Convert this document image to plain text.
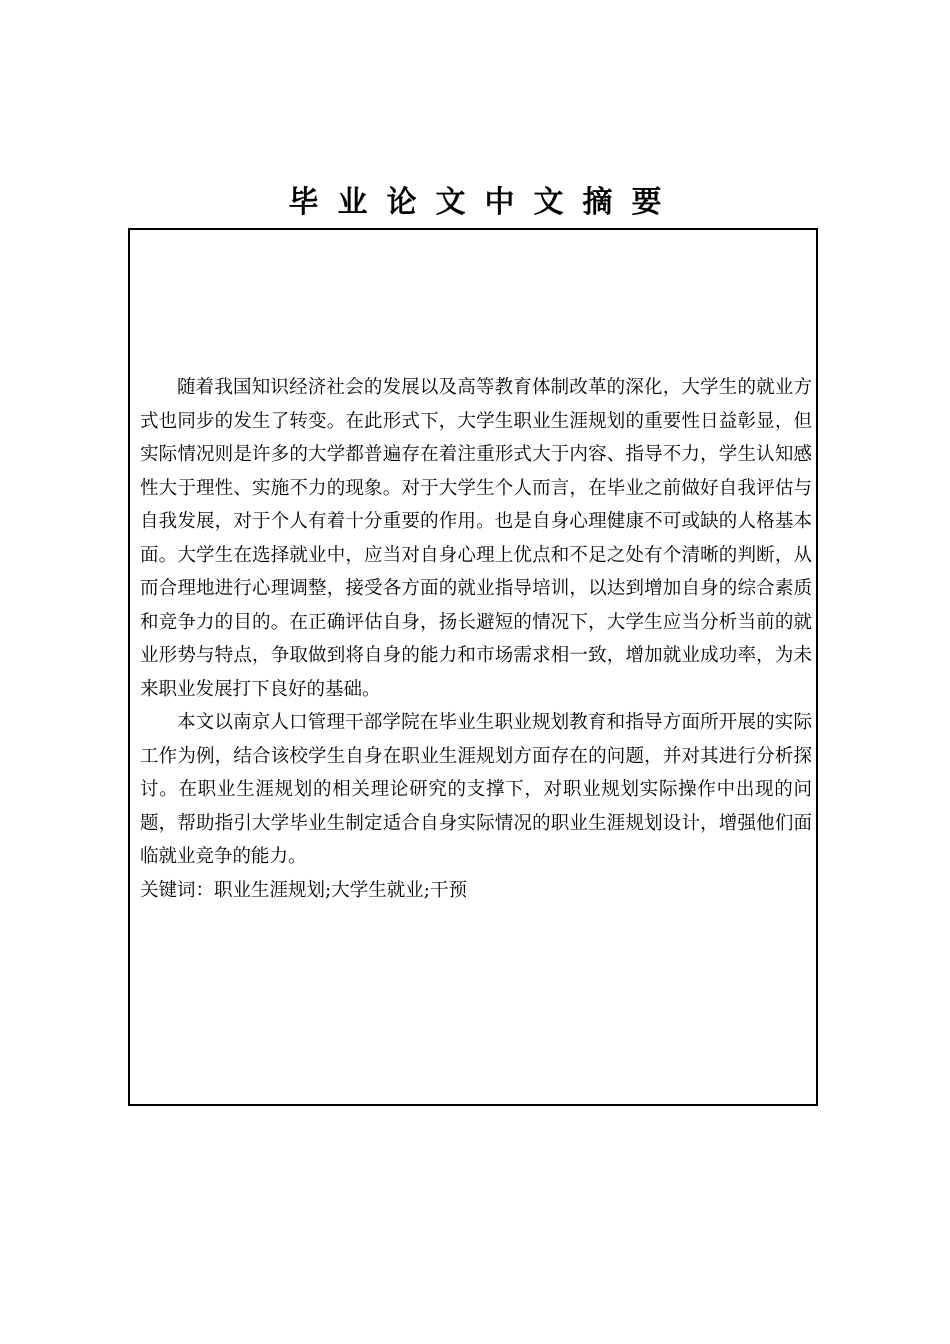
毕业论文中文摘要

随着我国知识经济社会的发展以及高等教育体制改革的深化，大学生的就业方式也同步的发生了转变。在此形式下，大学生职业生涯规划的重要性日益彰显，但实际情况则是许多的大学都普遍存在着注重形式大于内容、指导不力，学生认知感性大于理性、实施不力的现象。对于大学生个人而言，在毕业之前做好自我评估与自我发展，对于个人有着十分重要的作用。也是自身心理健康不可或缺的人格基本面。大学生在选择就业中，应当对自身心理上优点和不足之处有个清晰的判断，从而合理地进行心理调整，接受各方面的就业指导培训，以达到增加自身的综合素质和竞争力的目的。在正确评估自身，扬长避短的情况下，大学生应当分析当前的就业形势与特点，争取做到将自身的能力和市场需求相一致，增加就业成功率，为未来职业发展打下良好的基础。

本文以南京人口管理干部学院在毕业生职业规划教育和指导方面所开展的实际工作为例，结合该校学生自身在职业生涯规划方面存在的问题，并对其进行分析探讨。在职业生涯规划的相关理论研究的支撑下，对职业规划实际操作中出现的问题，帮助指引大学毕业生制定适合自身实际情况的职业生涯规划设计，增强他们面临就业竞争的能力。

关键词：职业生涯规划;大学生就业;干预
